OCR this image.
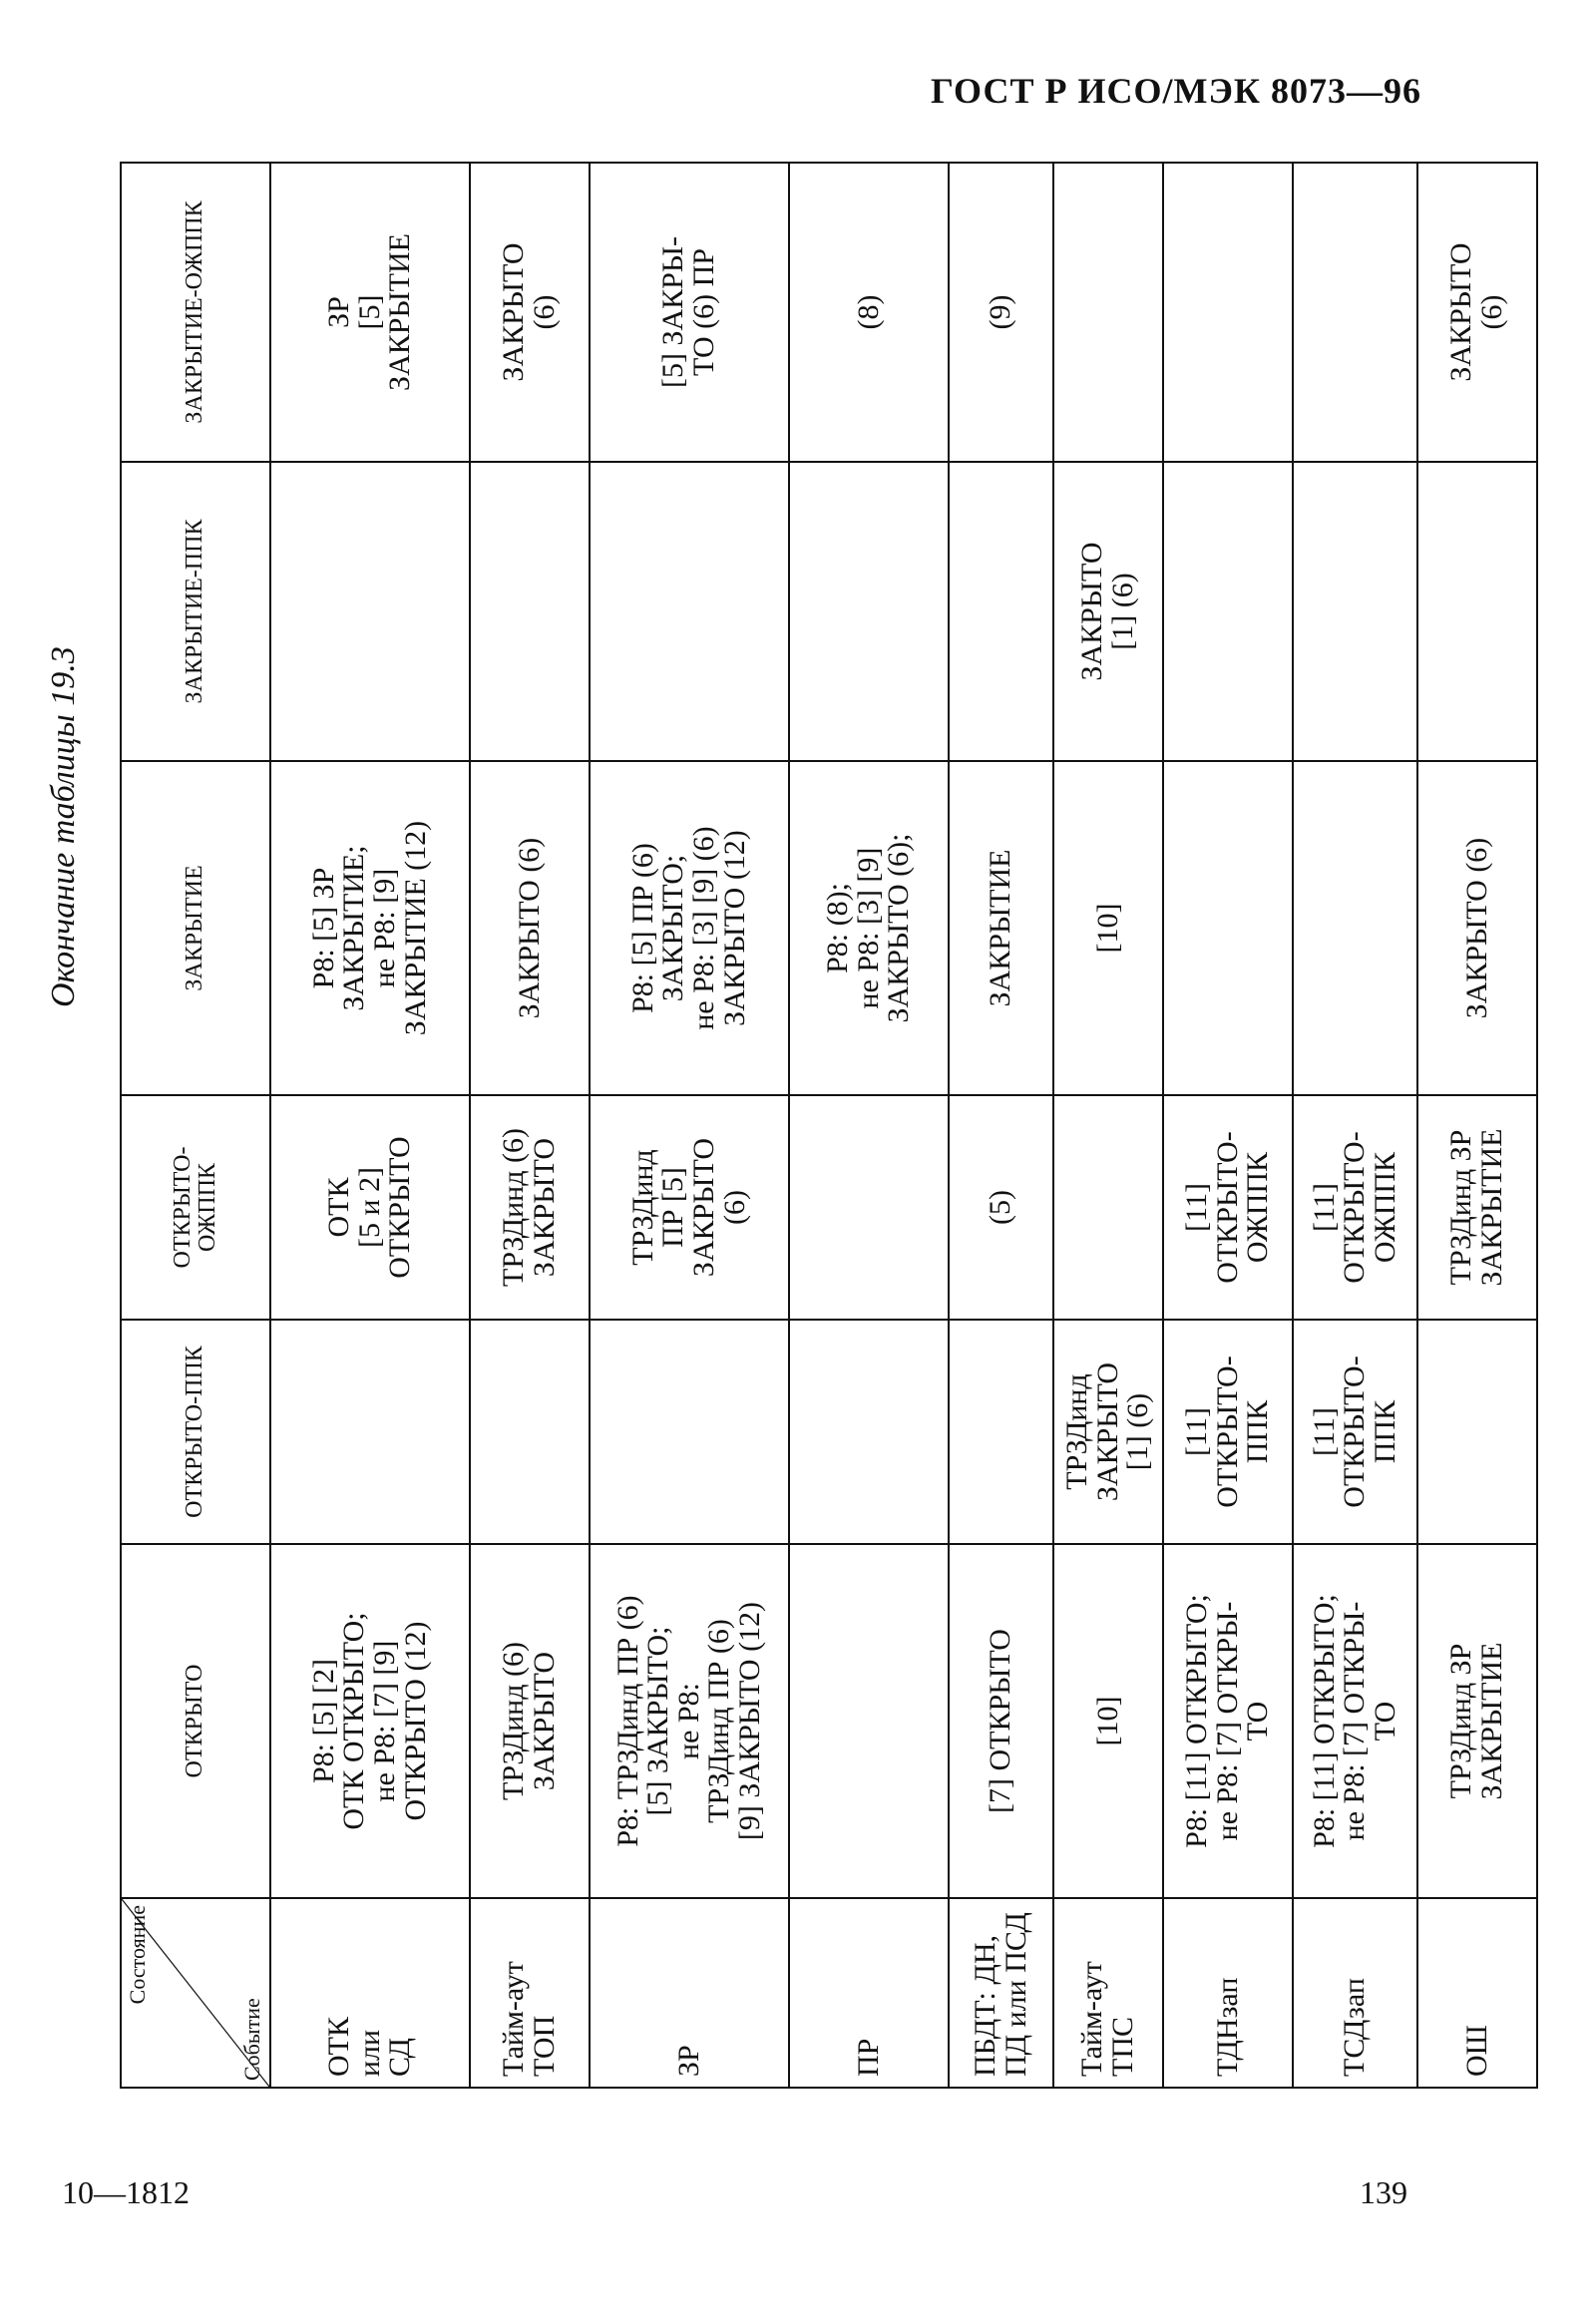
ГОСТ Р ИСО/МЭК 8073—96
Окончание таблицы 19.3
Состояние
Событие	ОТКРЫТО	ОТКРЫТО-ППК	ОТКРЫТО-ОЖППК	ЗАКРЫТИЕ	ЗАКРЫТИЕ-ППК	ЗАКРЫТИЕ-ОЖППК
ОТК
или
СД	Р8: [5] [2]
ОТК ОТКРЫТО;
не Р8: [7] [9]
ОТКРЫТО (12)		ОТК
[5 и 2]
ОТКРЫТО	Р8: [5] ЗР
ЗАКРЫТИЕ;
не Р8: [9]
ЗАКРЫТИЕ (12)		ЗР
[5]
ЗАКРЫТИЕ
Тайм-аут
ТОП	ТРЗДинд (6)
ЗАКРЫТО		ТРЗДинд (6)
ЗАКРЫТО	ЗАКРЫТО (6)		ЗАКРЫТО
(6)
ЗР	Р8: ТРЗДинд ПР (6)
[5] ЗАКРЫТО;
не Р8:
ТРЗДинд ПР (6)
[9] ЗАКРЫТО (12)		ТРЗДинд
ПР [5]
ЗАКРЫТО
(6)	Р8: [5] ПР (6)
ЗАКРЫТО;
не Р8: [3] [9] (6)
ЗАКРЫТО (12)		[5] ЗАКРЫ-
ТО (6) ПР
ПР				Р8: (8);
не Р8: [3] [9]
ЗАКРЫТО (6);		(8)
ПБДТ: ДН,
ПД или ПСД	[7] ОТКРЫТО		(5)	ЗАКРЫТИЕ		(9)
Тайм-аут
ТПС	[10]	ТРЗДинд
ЗАКРЫТО
[1] (6)		[10]	ЗАКРЫТО
[1] (6)	
ТДНзап	Р8: [11] ОТКРЫТО;
не Р8: [7] ОТКРЫ-
ТО	[11]
ОТКРЫТО-
ППК	[11]
ОТКРЫТО-
ОЖППК			
ТСДзап	Р8: [11] ОТКРЫТО;
не Р8: [7] ОТКРЫ-
ТО	[11]
ОТКРЫТО-
ППК	[11]
ОТКРЫТО-
ОЖППК			
ОШ	ТРЗДинд ЗР
ЗАКРЫТИЕ		ТРЗДинд ЗР
ЗАКРЫТИЕ	ЗАКРЫТО (6)		ЗАКРЫТО
(6)
10—1812	139
